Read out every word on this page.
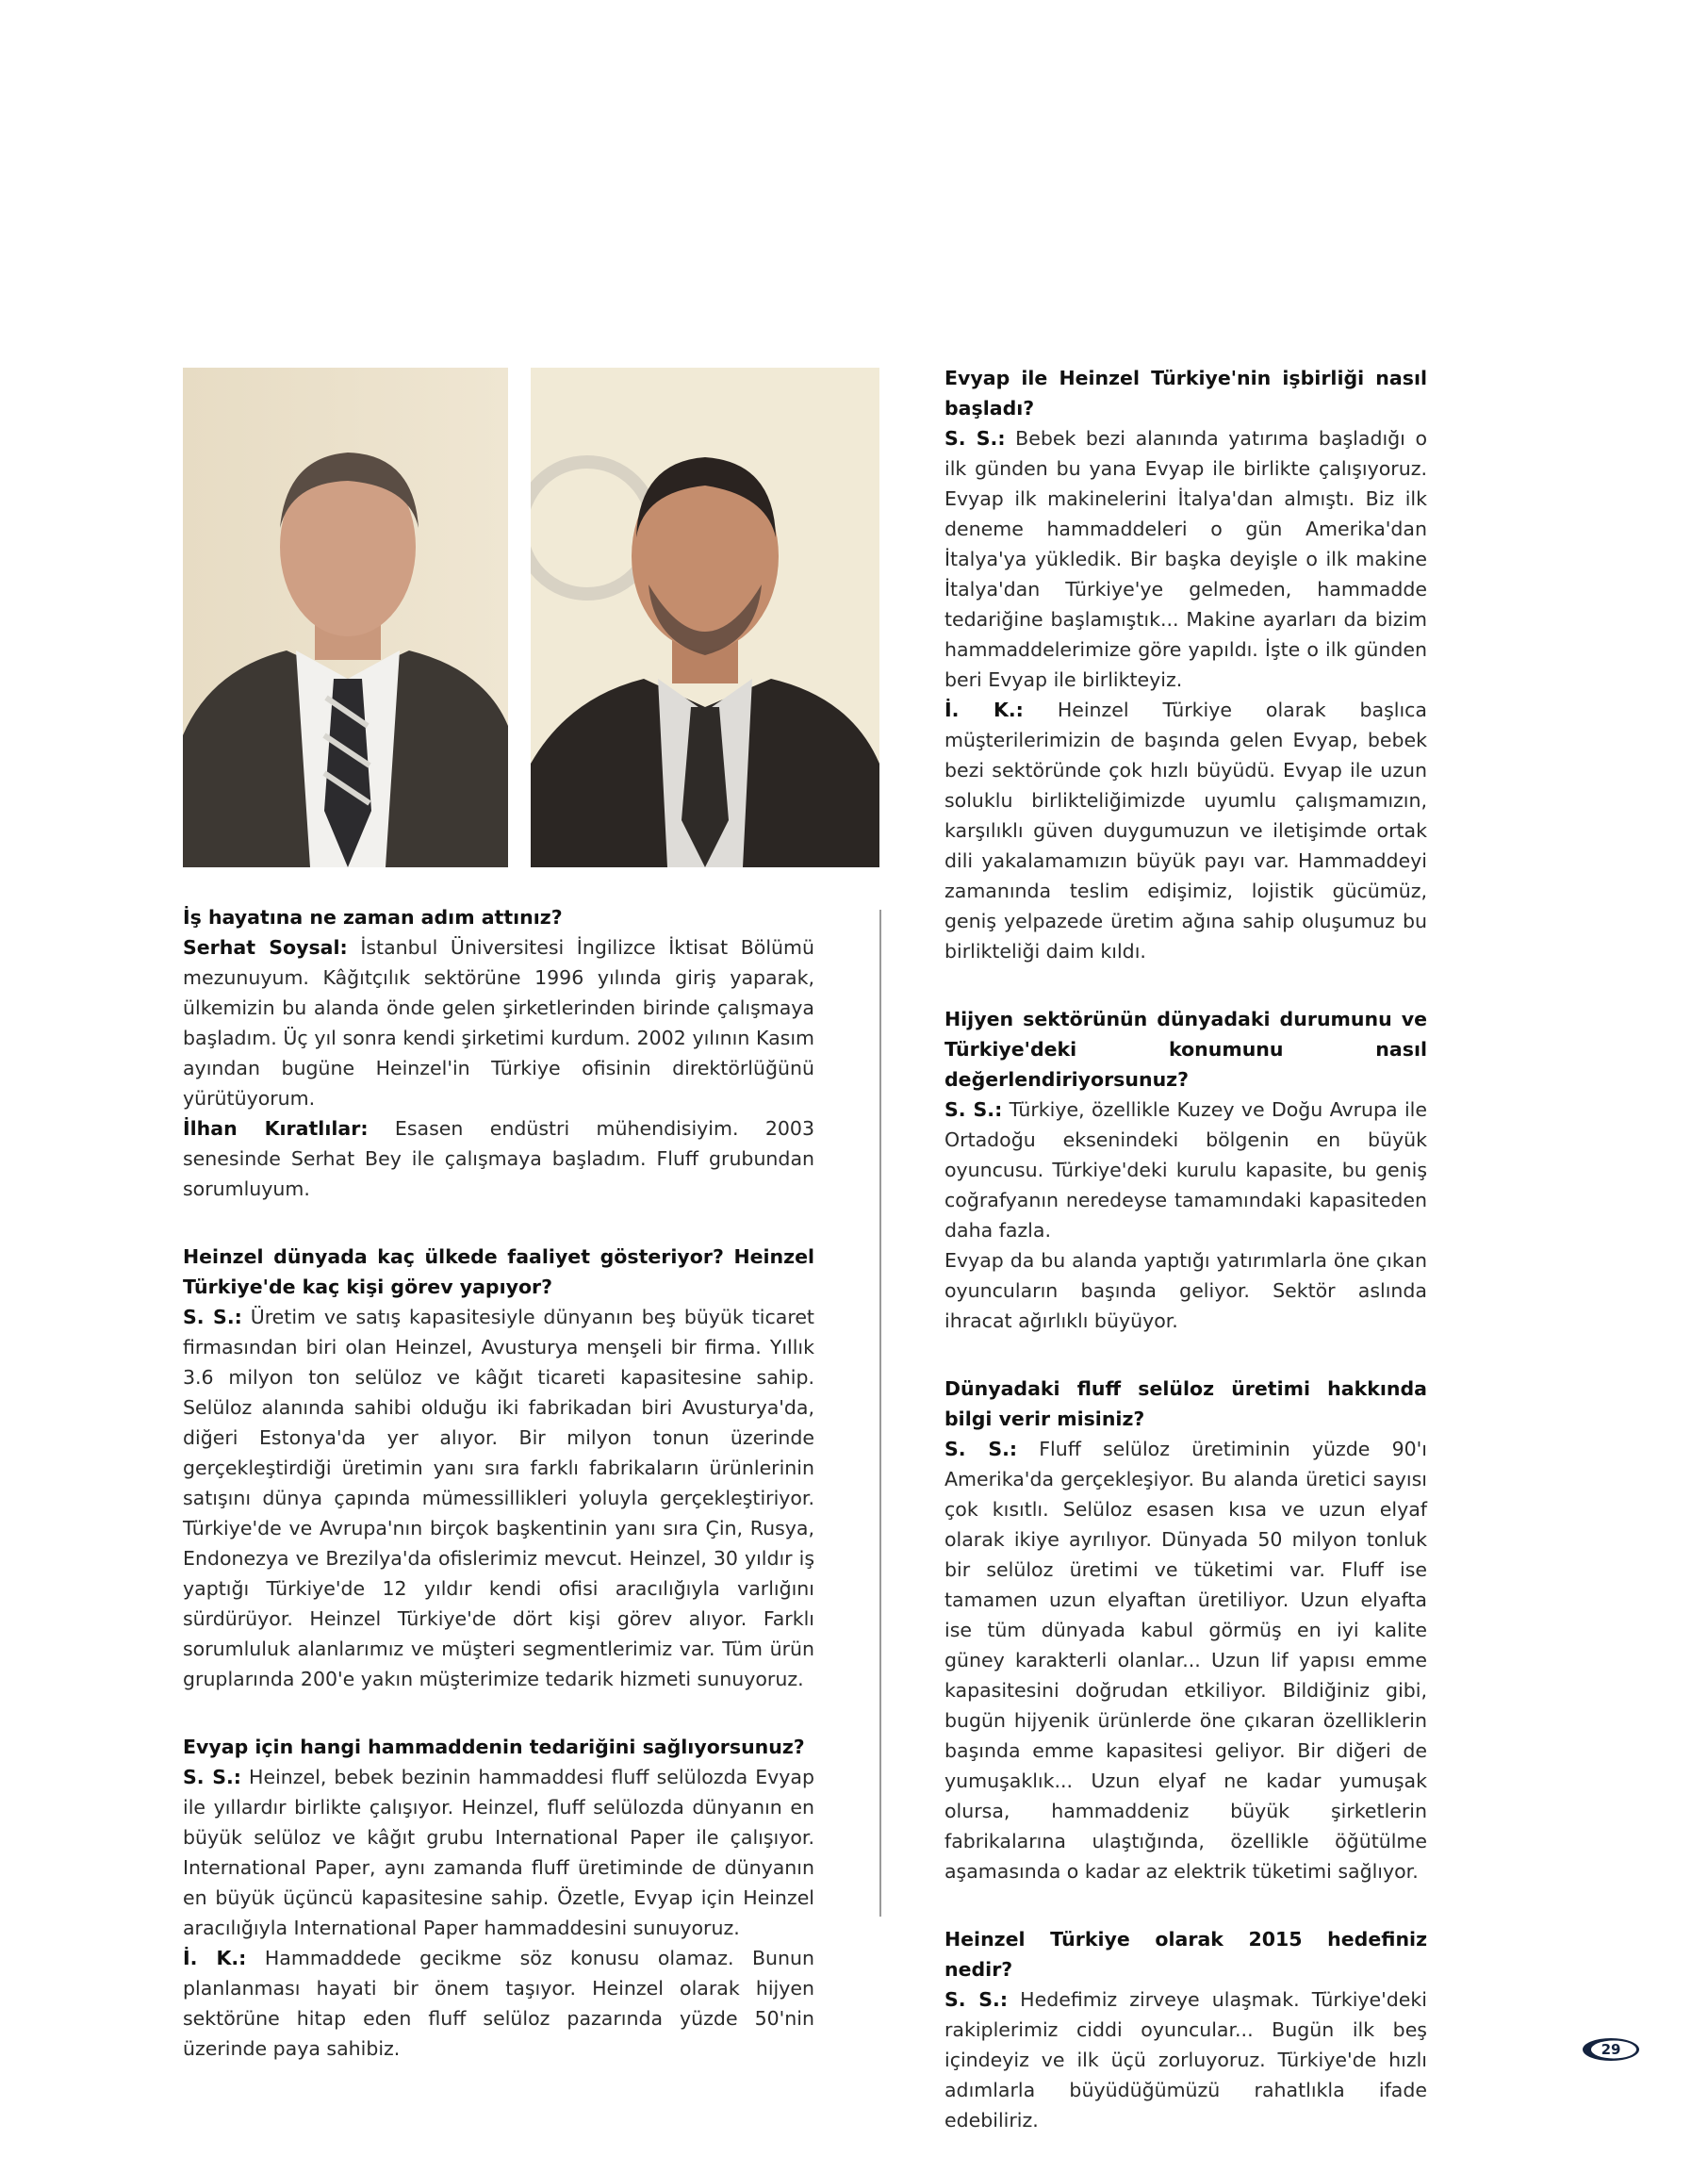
İş hayatına ne zaman adım attınız?

Serhat Soysal: İstanbul Üniversitesi İngilizce İktisat Bölümü mezunuyum. Kâğıtçılık sektörüne 1996 yılında giriş yaparak, ülkemizin bu alanda önde gelen şirketlerinden birinde çalışmaya başladım. Üç yıl sonra kendi şirketimi kurdum. 2002 yılının Kasım ayından bugüne Heinzel'in Türkiye ofisinin direktörlüğünü yürütüyorum.

İlhan Kıratlılar: Esasen endüstri mühendisiyim. 2003 senesinde Serhat Bey ile çalışmaya başladım. Fluff grubundan sorumluyum.

Heinzel dünyada kaç ülkede faaliyet gösteriyor? Heinzel Türkiye'de kaç kişi görev yapıyor?

S. S.: Üretim ve satış kapasitesiyle dünyanın beş büyük ticaret firmasından biri olan Heinzel, Avusturya menşeli bir firma. Yıllık 3.6 milyon ton selüloz ve kâğıt ticareti kapasitesine sahip. Selüloz alanında sahibi olduğu iki fabrikadan biri Avusturya'da, diğeri Estonya'da yer alıyor. Bir milyon tonun üzerinde gerçekleştirdiği üretimin yanı sıra farklı fabrikaların ürünlerinin satışını dünya çapında mümessillikleri yoluyla gerçekleştiriyor. Türkiye'de ve Avrupa'nın birçok başkentinin yanı sıra Çin, Rusya, Endonezya ve Brezilya'da ofislerimiz mevcut. Heinzel, 30 yıldır iş yaptığı Türkiye'de 12 yıldır kendi ofisi aracılığıyla varlığını sürdürüyor. Heinzel Türkiye'de dört kişi görev alıyor. Farklı sorumluluk alanlarımız ve müşteri segmentlerimiz var. Tüm ürün gruplarında 200'e yakın müşterimize tedarik hizmeti sunuyoruz.

Evyap için hangi hammaddenin tedariğini sağlıyorsunuz?

S. S.: Heinzel, bebek bezinin hammaddesi fluff selülozda Evyap ile yıllardır birlikte çalışıyor. Heinzel, fluff selülozda dünyanın en büyük selüloz ve kâğıt grubu International Paper ile çalışıyor. International Paper, aynı zamanda fluff üretiminde de dünyanın en büyük üçüncü kapasitesine sahip. Özetle, Evyap için Heinzel aracılığıyla International Paper hammaddesini sunuyoruz.

İ. K.: Hammaddede gecikme söz konusu olamaz. Bunun planlanması hayati bir önem taşıyor. Heinzel olarak hijyen sektörüne hitap eden fluff selüloz pazarında yüzde 50'nin üzerinde paya sahibiz.

Evyap ile Heinzel Türkiye'nin işbirliği nasıl başladı?

S. S.: Bebek bezi alanında yatırıma başladığı o ilk günden bu yana Evyap ile birlikte çalışıyoruz. Evyap ilk makinelerini İtalya'dan almıştı. Biz ilk deneme hammaddeleri o gün Amerika'dan İtalya'ya yükledik. Bir başka deyişle o ilk makine İtalya'dan Türkiye'ye gelmeden, hammadde tedariğine başlamıştık... Makine ayarları da bizim hammaddelerimize göre yapıldı. İşte o ilk günden beri Evyap ile birlikteyiz.

İ. K.: Heinzel Türkiye olarak başlıca müşterilerimizin de başında gelen Evyap, bebek bezi sektöründe çok hızlı büyüdü. Evyap ile uzun soluklu birlikteliğimizde uyumlu çalışmamızın, karşılıklı güven duygumuzun ve iletişimde ortak dili yakalamamızın büyük payı var. Hammaddeyi zamanında teslim edişimiz, lojistik gücümüz, geniş yelpazede üretim ağına sahip oluşumuz bu birlikteliği daim kıldı.

Hijyen sektörünün dünyadaki durumunu ve Türkiye'deki konumunu nasıl değerlendiriyorsunuz?

S. S.: Türkiye, özellikle Kuzey ve Doğu Avrupa ile Ortadoğu eksenindeki bölgenin en büyük oyuncusu. Türkiye'deki kurulu kapasite, bu geniş coğrafyanın neredeyse tamamındaki kapasiteden daha fazla.

Evyap da bu alanda yaptığı yatırımlarla öne çıkan oyuncuların başında geliyor. Sektör aslında ihracat ağırlıklı büyüyor.

Dünyadaki fluff selüloz üretimi hakkında bilgi verir misiniz?

S. S.: Fluff selüloz üretiminin yüzde 90'ı Amerika'da gerçekleşiyor. Bu alanda üretici sayısı çok kısıtlı. Selüloz esasen kısa ve uzun elyaf olarak ikiye ayrılıyor. Dünyada 50 milyon tonluk bir selüloz üretimi ve tüketimi var. Fluff ise tamamen uzun elyaftan üretiliyor. Uzun elyafta ise tüm dünyada kabul görmüş en iyi kalite güney karakterli olanlar... Uzun lif yapısı emme kapasitesini doğrudan etkiliyor. Bildiğiniz gibi, bugün hijyenik ürünlerde öne çıkaran özelliklerin başında emme kapasitesi geliyor. Bir diğeri de yumuşaklık... Uzun elyaf ne kadar yumuşak olursa, hammaddeniz büyük şirketlerin fabrikalarına ulaştığında, özellikle öğütülme aşamasında o kadar az elektrik tüketimi sağlıyor.

Heinzel Türkiye olarak 2015 hedefiniz nedir?

S. S.: Hedefimiz zirveye ulaşmak. Türkiye'deki rakiplerimiz ciddi oyuncular... Bugün ilk beş içindeyiz ve ilk üçü zorluyoruz. Türkiye'de hızlı adımlarla büyüdüğümüzü rahatlıkla ifade edebiliriz.

29
